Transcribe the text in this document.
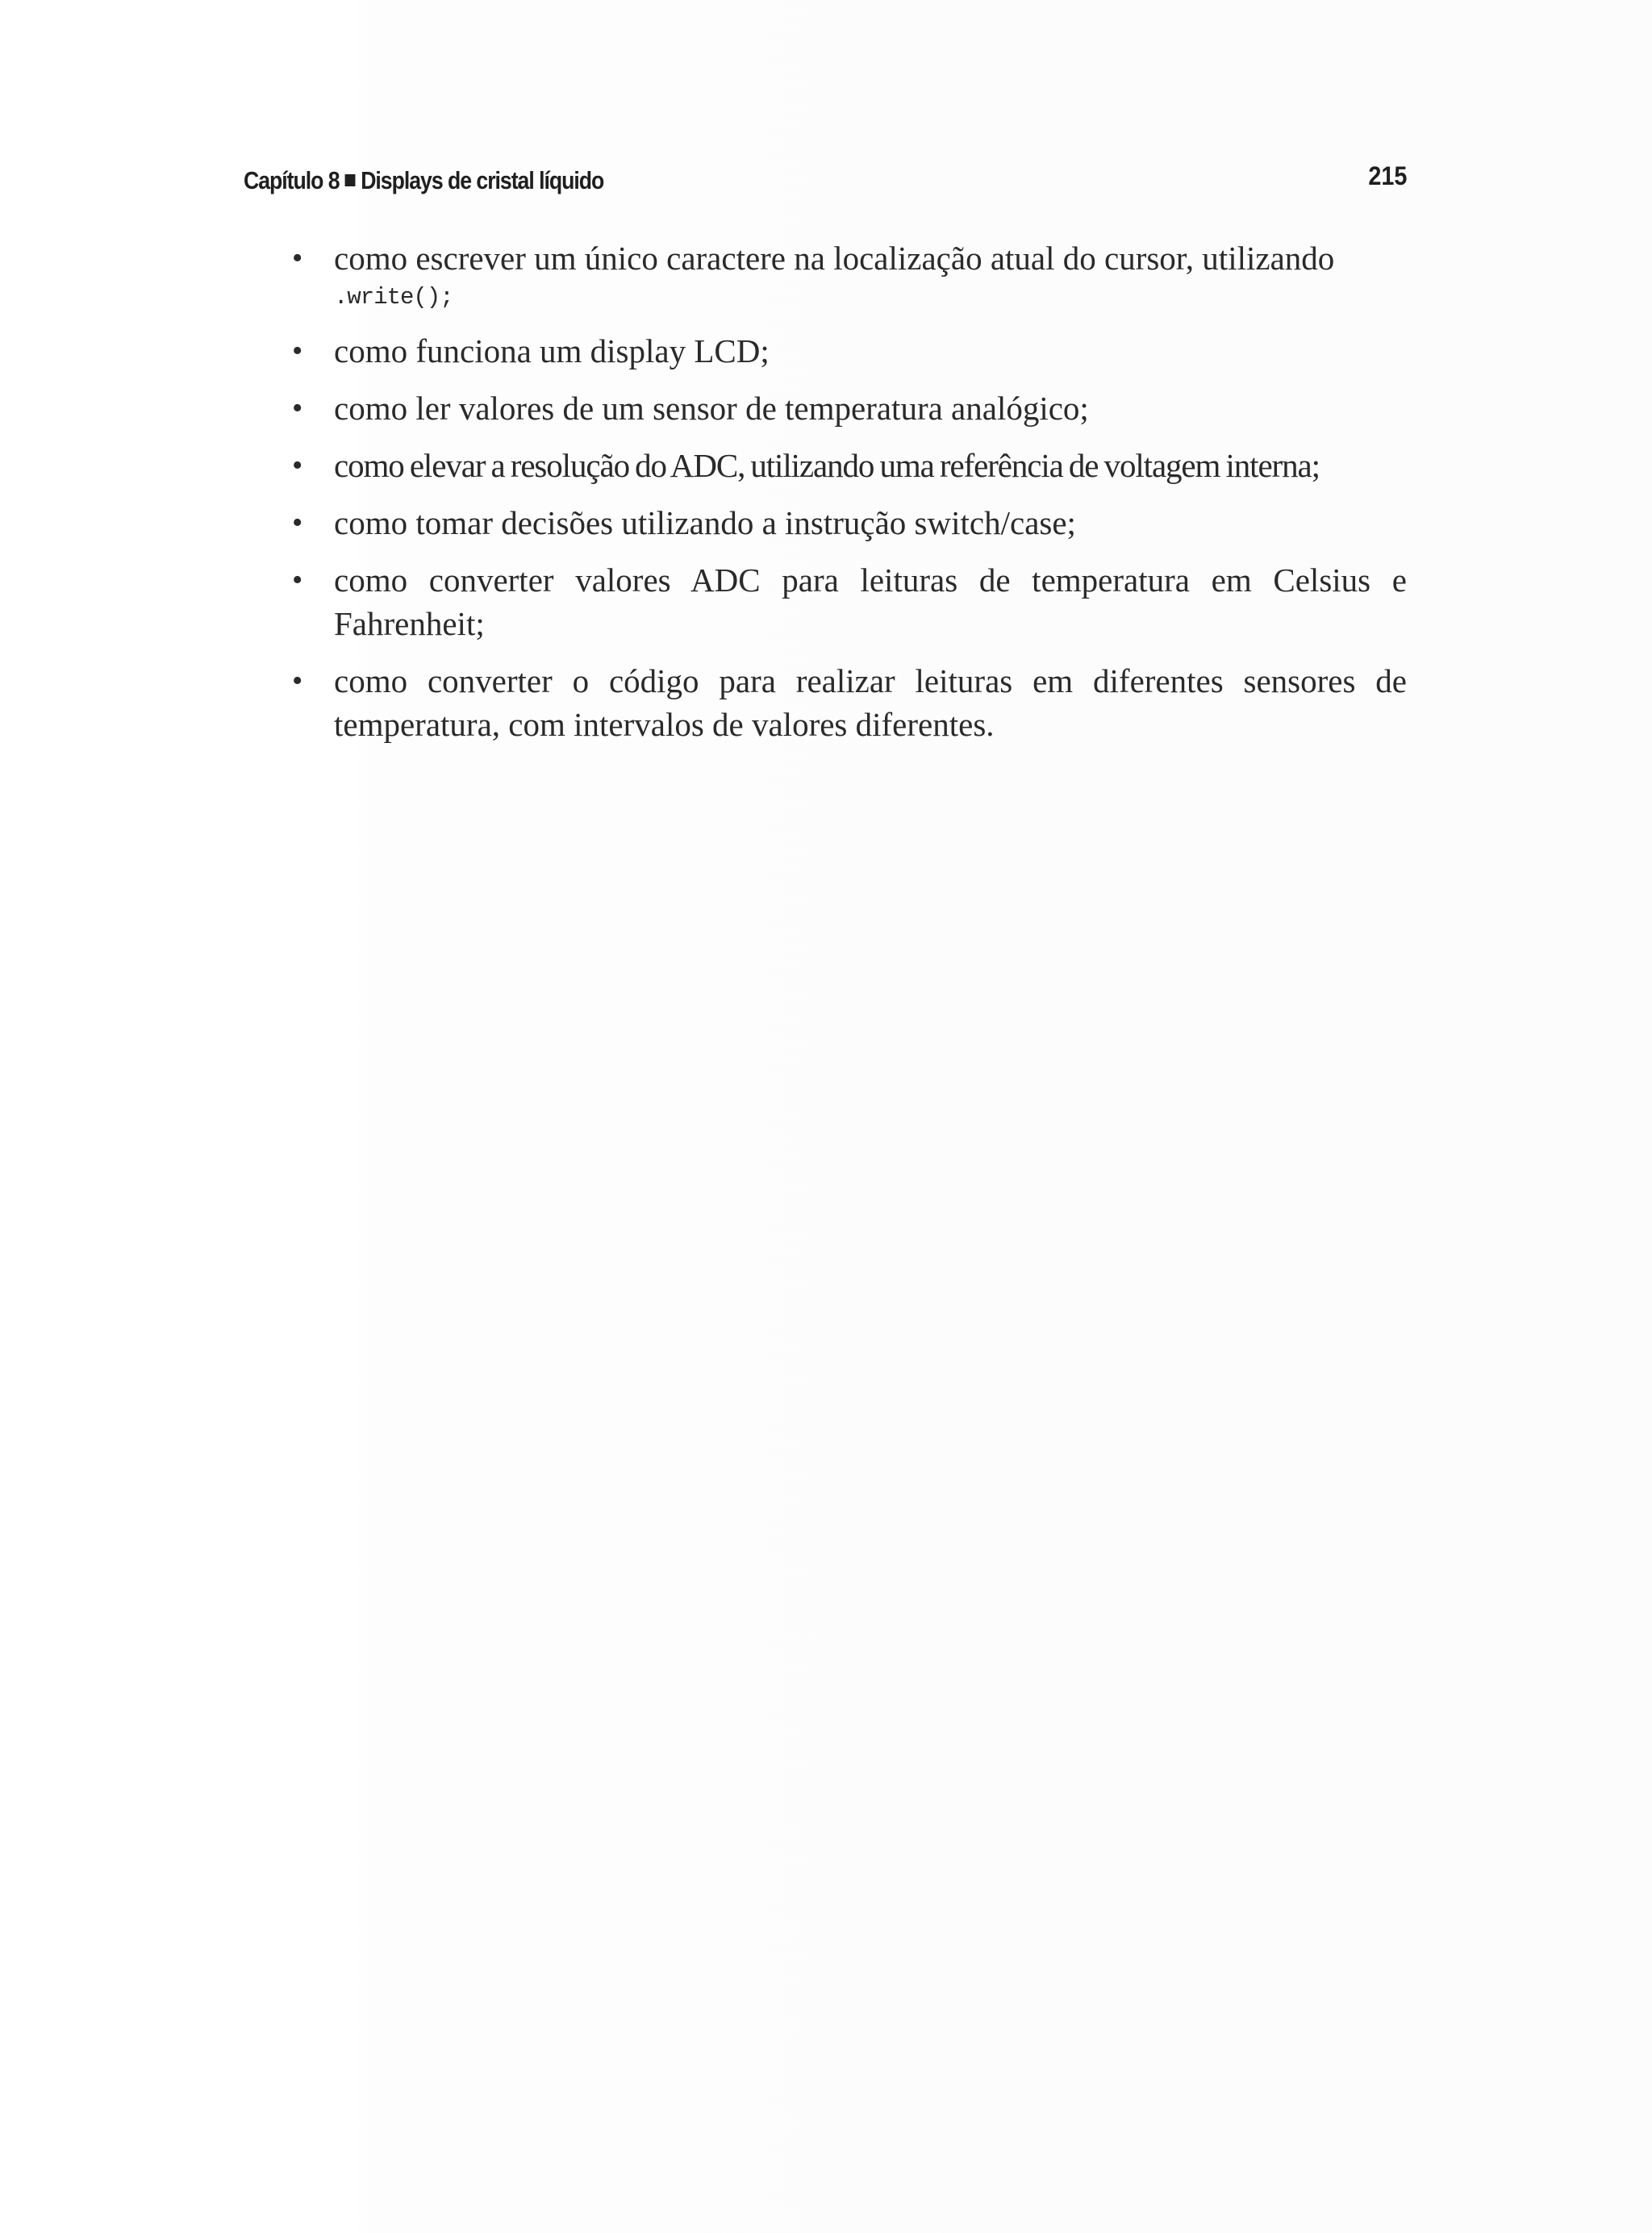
Capítulo 8 Displays de cristal líquido	215
• como escrever um único caractere na localização atual do cursor, utilizando
.write();
• como funciona um display LCD;
• como ler valores de um sensor de temperatura analógico;
• como elevar a resolução do ADC, utilizando uma referência de voltagem interna;
• como tomar decisões utilizando a instrução switch/case;
• como converter valores ADC para leituras de temperatura em Celsius e Fahrenheit;
• como converter o código para realizar leituras em diferentes sensores de temperatura, com intervalos de valores diferentes.
